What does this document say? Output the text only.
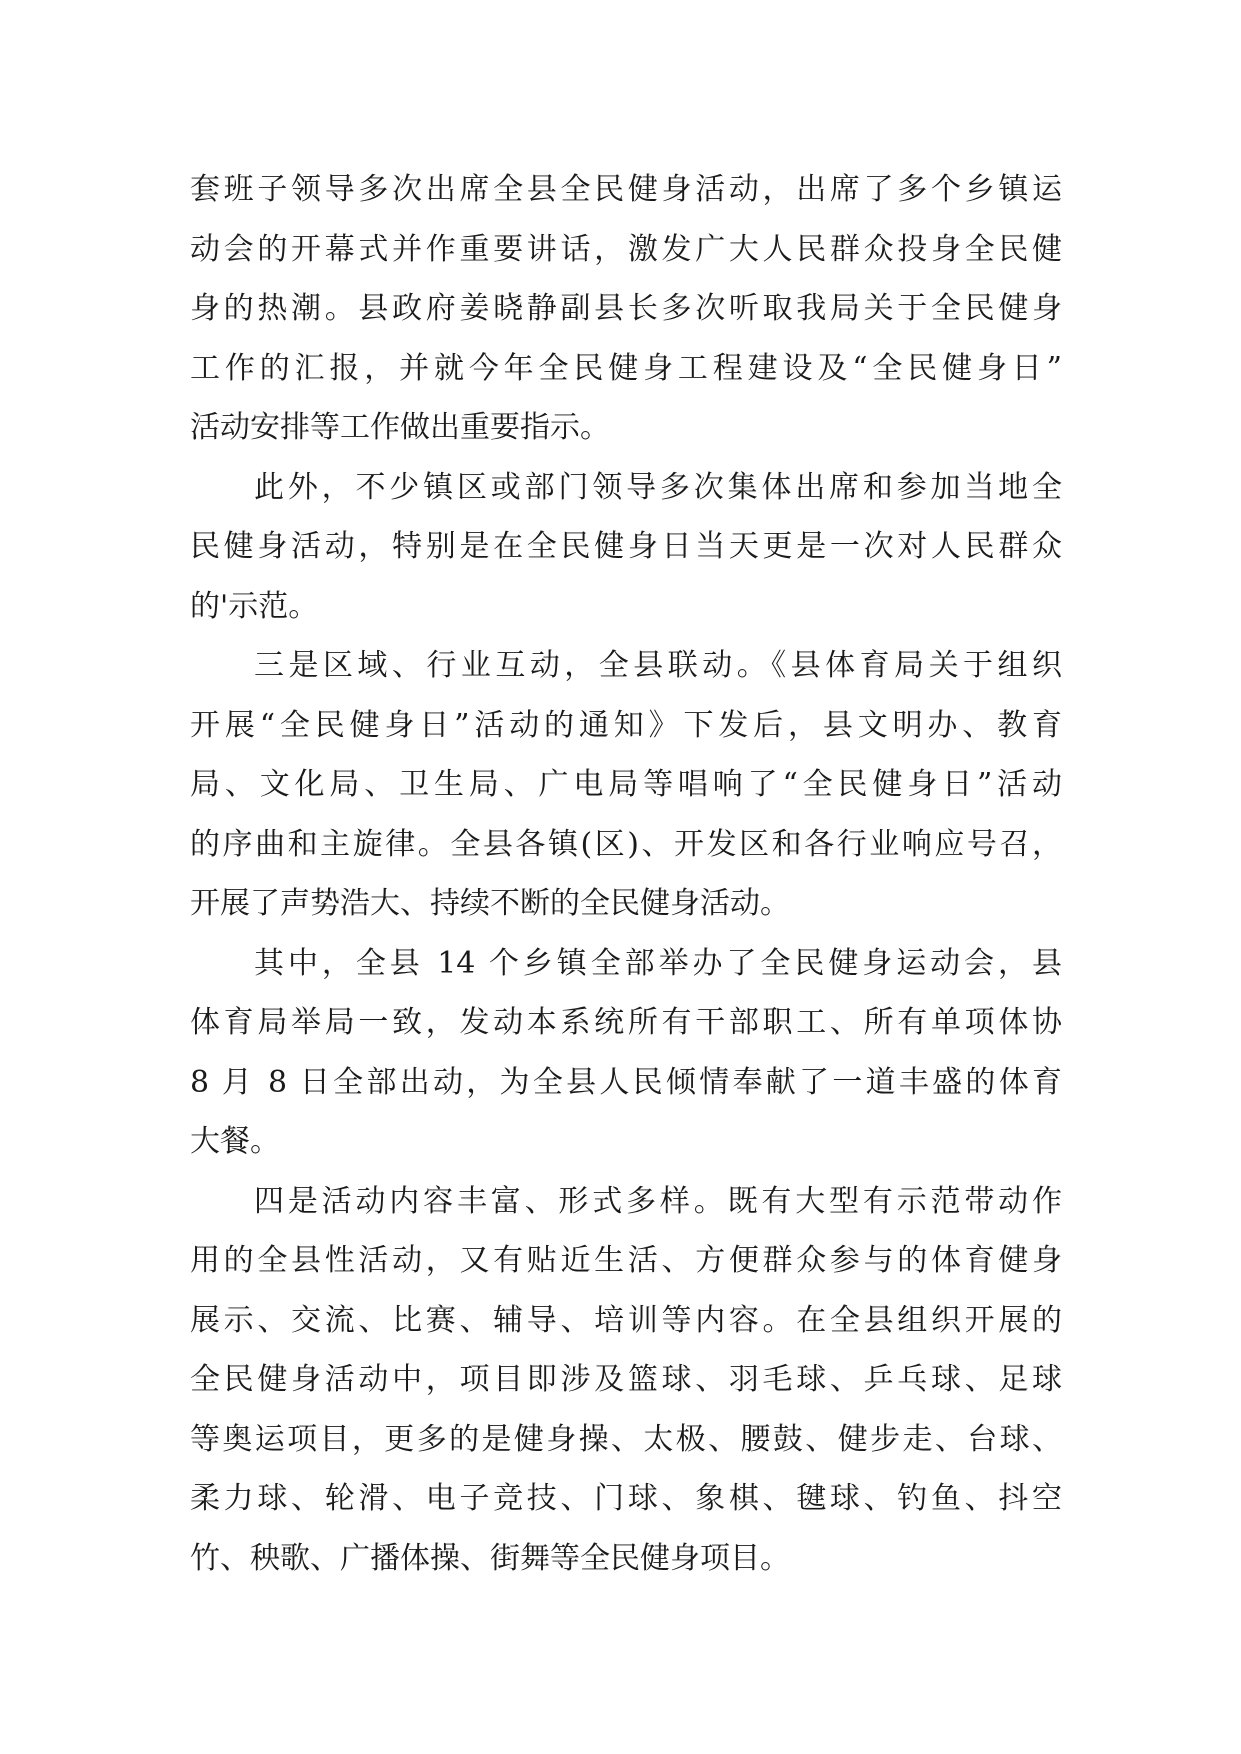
套班子领导多次出席全县全民健身活动，出席了多个乡镇运
动会的开幕式并作重要讲话，激发广大人民群众投身全民健
身的热潮。县政府姜晓静副县长多次听取我局关于全民健身
工作的汇报，并就今年全民健身工程建设及“全民健身日”
活动安排等工作做出重要指示。
此外，不少镇区或部门领导多次集体出席和参加当地全
民健身活动，特别是在全民健身日当天更是一次对人民群众
的'示范。
三是区域、行业互动，全县联动。《县体育局关于组织
开展“全民健身日”活动的通知》下发后，县文明办、教育
局、文化局、卫生局、广电局等唱响了“全民健身日”活动
的序曲和主旋律。全县各镇(区)、开发区和各行业响应号召，
开展了声势浩大、持续不断的全民健身活动。
其中，全县 14 个乡镇全部举办了全民健身运动会，县
体育局举局一致，发动本系统所有干部职工、所有单项体协
8 月 8 日全部出动，为全县人民倾情奉献了一道丰盛的体育
大餐。
四是活动内容丰富、形式多样。既有大型有示范带动作
用的全县性活动，又有贴近生活、方便群众参与的体育健身
展示、交流、比赛、辅导、培训等内容。在全县组织开展的
全民健身活动中，项目即涉及篮球、羽毛球、乒乓球、足球
等奥运项目，更多的是健身操、太极、腰鼓、健步走、台球、
柔力球、轮滑、电子竞技、门球、象棋、毽球、钓鱼、抖空
竹、秧歌、广播体操、街舞等全民健身项目。
